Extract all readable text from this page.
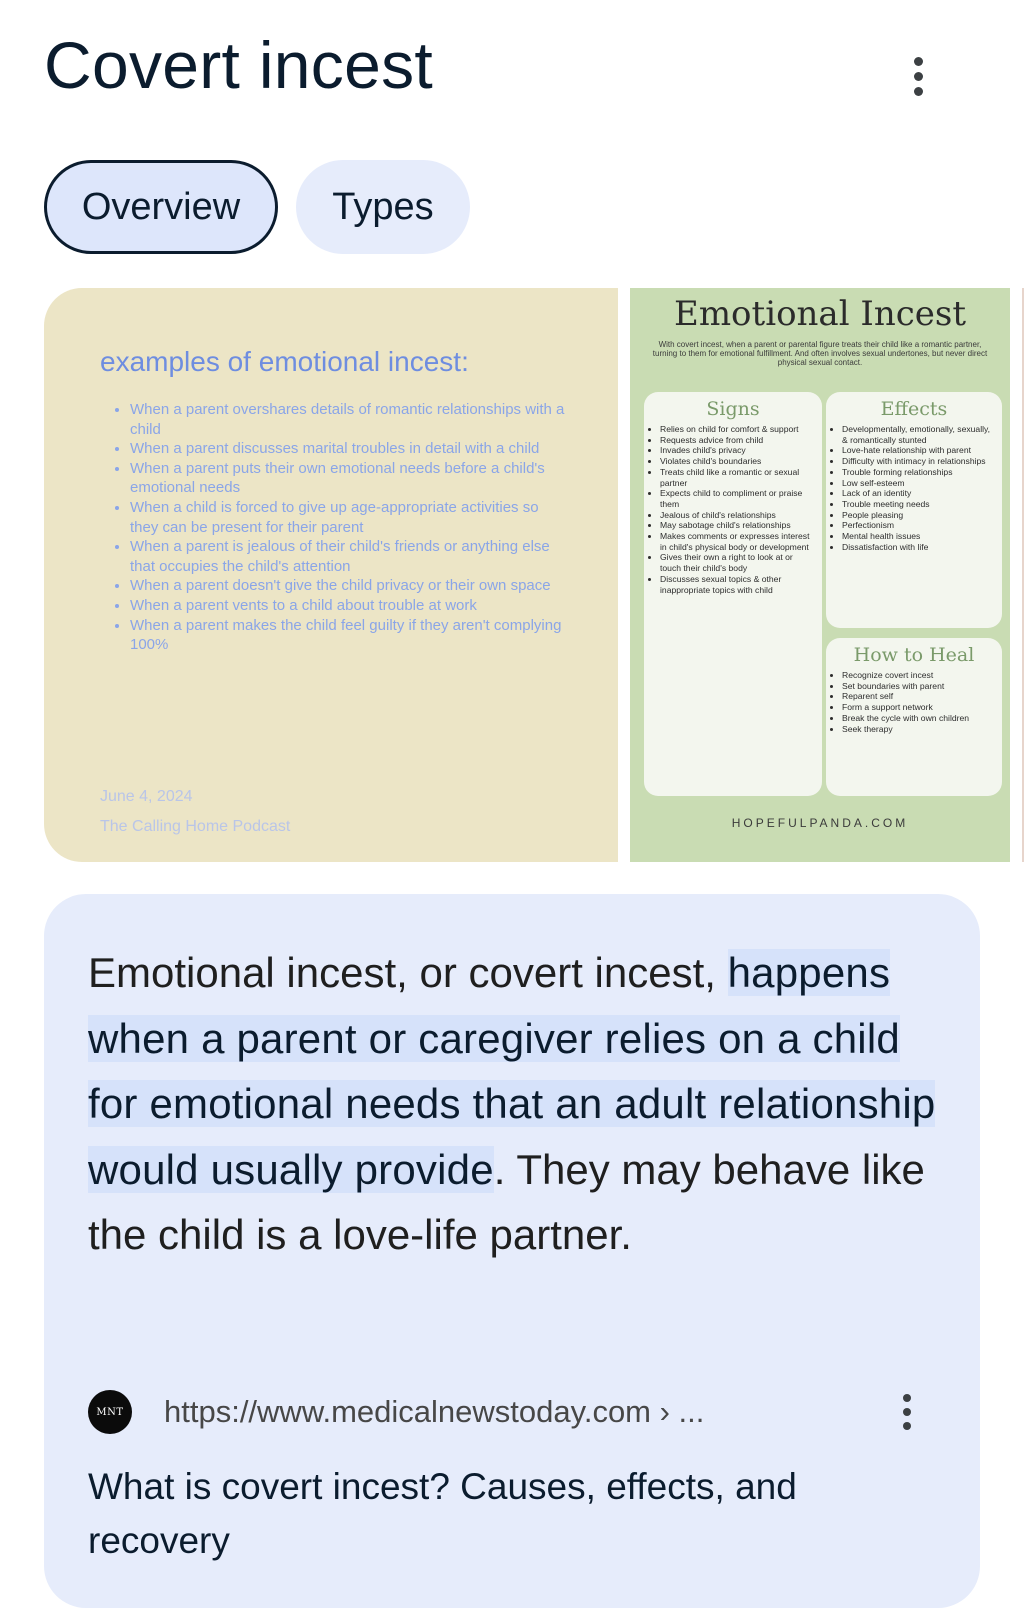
Covert incest
Overview	Types
examples of emotional incest:
• When a parent overshares details of romantic relationships with a child
• When a parent discusses marital troubles in detail with a child
• When a parent puts their own emotional needs before a child's emotional needs
• When a child is forced to give up age-appropriate activities so they can be present for their parent
• When a parent is jealous of their child's friends or anything else that occupies the child's attention
• When a parent doesn't give the child privacy or their own space
• When a parent vents to a child about trouble at work
• When a parent makes the child feel guilty if they aren't complying 100%
June 4, 2024
The Calling Home Podcast
Emotional Incest
With covert incest, when a parent or parental figure treats their child like a romantic partner, turning to them for emotional fulfillment. And often involves sexual undertones, but never direct physical sexual contact.
Signs
• Relies on child for comfort & support
• Requests advice from child
• Invades child's privacy
• Violates child's boundaries
• Treats child like a romantic or sexual partner
• Expects child to compliment or praise them
• Jealous of child's relationships
• May sabotage child's relationships
• Makes comments or expresses interest in child's physical body or development
• Gives their own a right to look at or touch their child's body
• Discusses sexual topics & other inappropriate topics with child
Effects
• Developmentally, emotionally, sexually, & romantically stunted
• Love-hate relationship with parent
• Difficulty with intimacy in relationships
• Trouble forming relationships
• Low self-esteem
• Lack of an identity
• Trouble meeting needs
• People pleasing
• Perfectionism
• Mental health issues
• Dissatisfaction with life
How to Heal
• Recognize covert incest
• Set boundaries with parent
• Reparent self
• Form a support network
• Break the cycle with own children
• Seek therapy
HOPEFULPANDA.COM

Emotional incest, or covert incest, happens when a parent or caregiver relies on a child for emotional needs that an adult relationship would usually provide. They may behave like the child is a love-life partner.

MNT https://www.medicalnewstoday.com › ...
What is covert incest? Causes, effects, and recovery
